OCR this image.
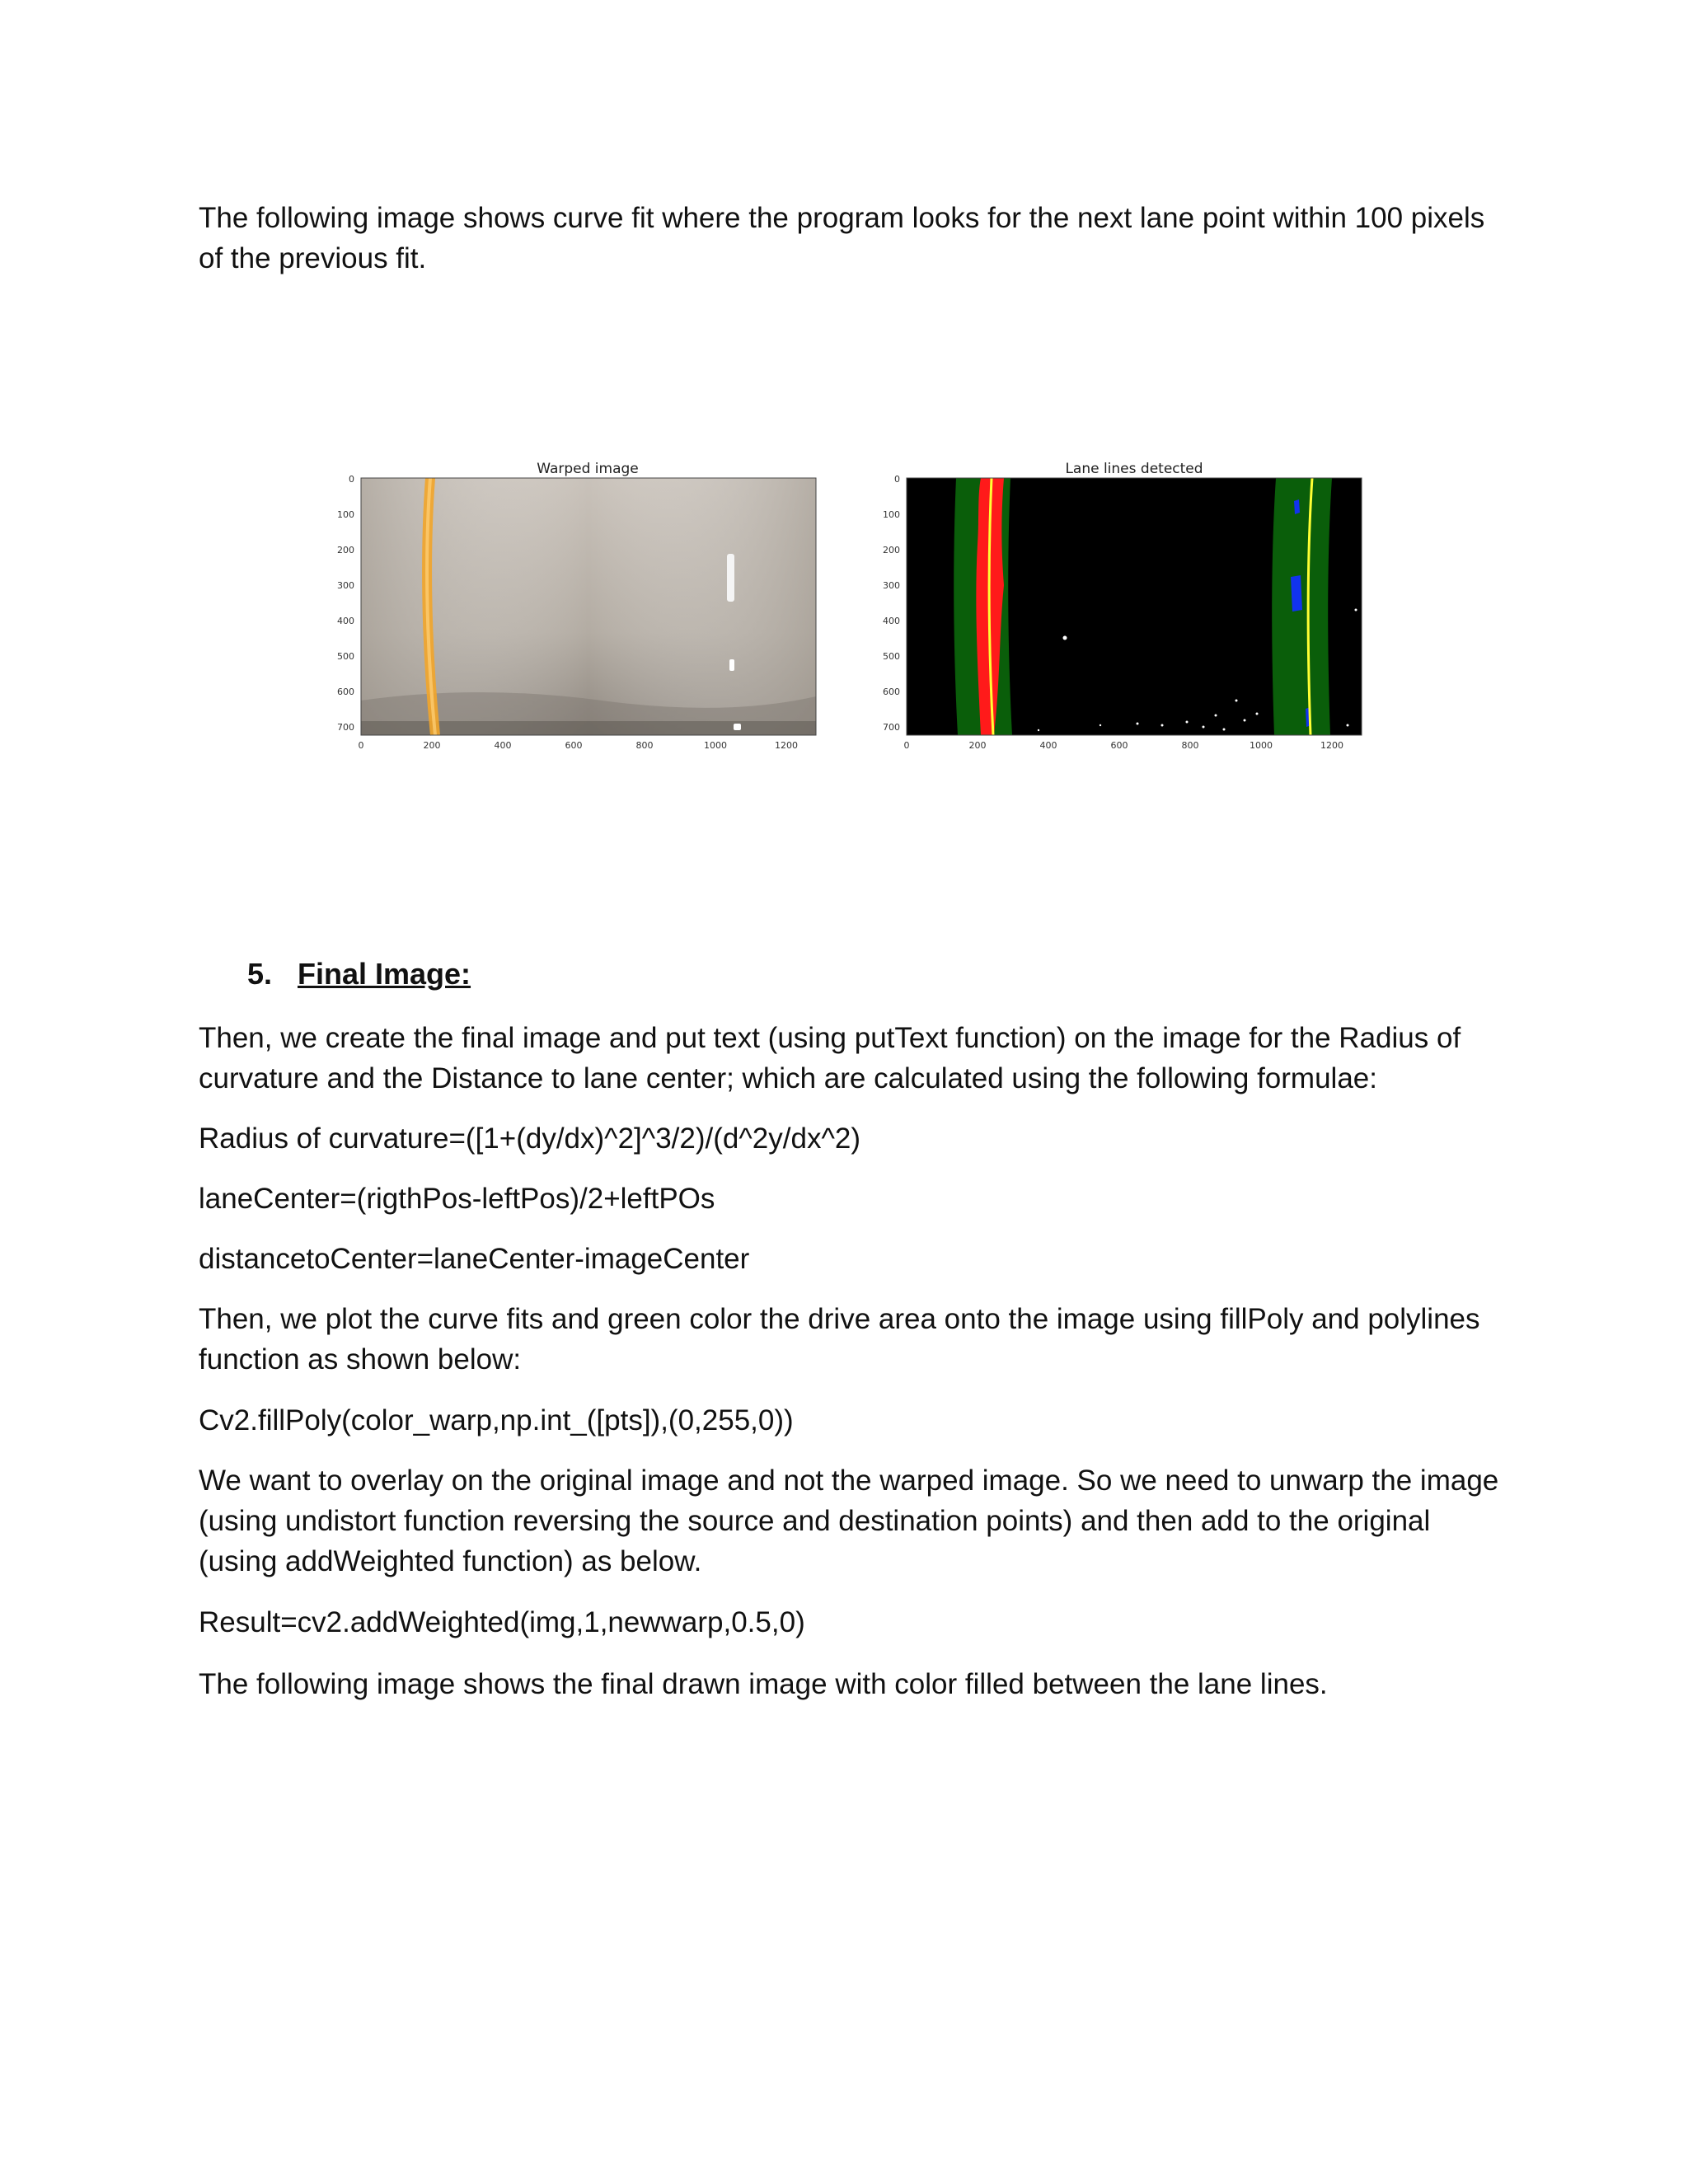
The following image shows curve fit where the program looks for the next lane point within 100 pixels of the previous fit.

Warped image
0
100
200
300
400
500
600
700
0	200	400	600	800	1000	1200
Lane lines detected
0
100
200
300
400
500
600
700
0	200	400	600	800	1000	1200
5. Final Image:

Then, we create the final image and put text (using putText function) on the image for the Radius of curvature and the Distance to lane center; which are calculated using the following formulae:

Radius of curvature=([1+(dy/dx)^2]^3/2)/(d^2y/dx^2)

laneCenter=(rigthPos-leftPos)/2+leftPOs

distancetoCenter=laneCenter-imageCenter

Then, we plot the curve fits and green color the drive area onto the image using fillPoly and polylines function as shown below:

Cv2.fillPoly(color_warp,np.int_([pts]),(0,255,0))

We want to overlay on the original image and not the warped image. So we need to unwarp the image (using undistort function reversing the source and destination points) and then add to the original (using addWeighted function) as below.

Result=cv2.addWeighted(img,1,newwarp,0.5,0)

The following image shows the final drawn image with color filled between the lane lines.
